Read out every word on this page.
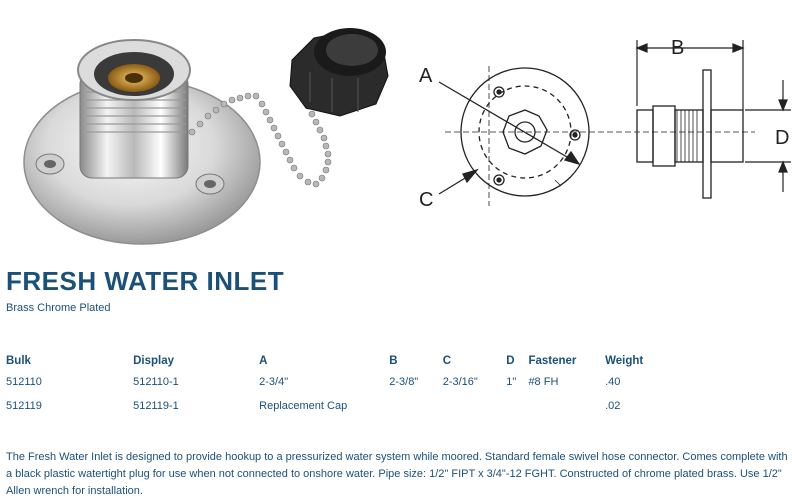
A
C
B
D
FRESH WATER INLET
Brass Chrome Plated
Bulk	Display	A	B	C	D	Fastener	Weight
512110	512110-1	2-3/4"	2-3/8"	2-3/16"	1"	#8 FH	.40
512119	512119-1	Replacement Cap					.02

The Fresh Water Inlet is designed to provide hookup to a pressurized water system while moored. Standard female swivel hose connector. Comes complete with a black plastic watertight plug for use when not connected to onshore water. Pipe size: 1/2" FIPT x 3/4"-12 FGHT. Constructed of chrome plated brass. Use 1/2" Allen wrench for installation.
